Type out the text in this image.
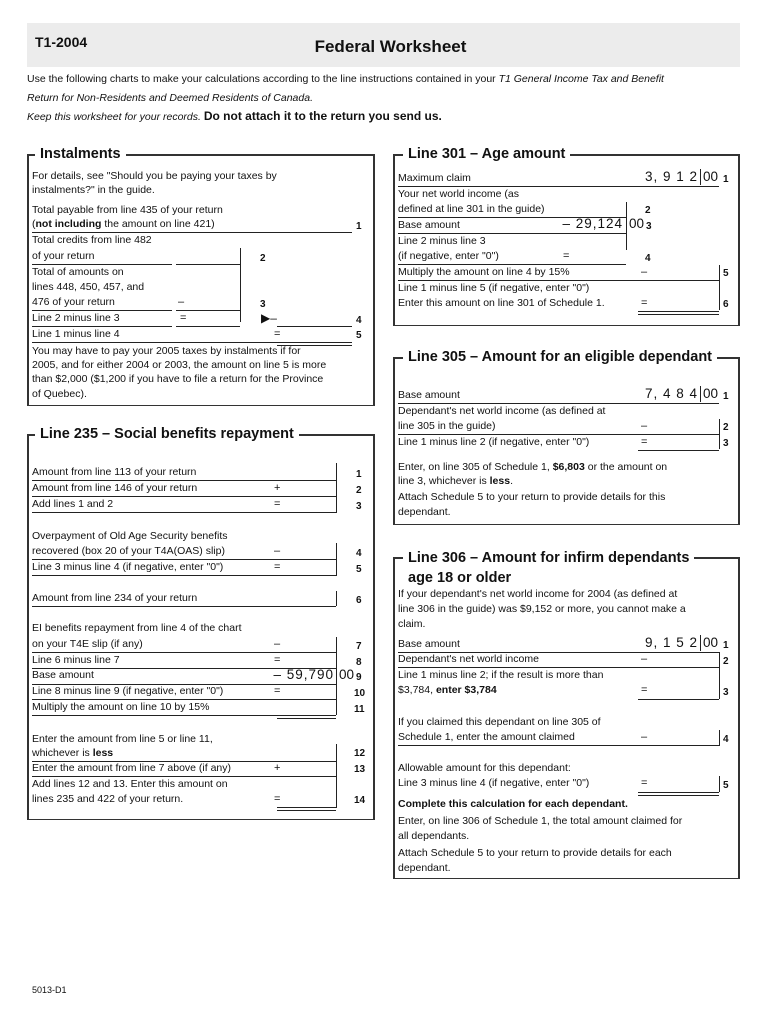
T1-2004	Federal Worksheet
Use the following charts to make your calculations according to the line instructions contained in your T1 General Income Tax and Benefit
Return for Non-Residents and Deemed Residents of Canada.
Keep this worksheet for your records. Do not attach it to the return you send us.
Instalments
For details, see "Should you be paying your taxes by
instalments?" in the guide.
Total payable from line 435 of your return
(not including the amount on line 421)	1
Total credits from line 482
of your return	2
Total of amounts on
lines 448, 450, 457, and
476 of your return	–	3
Line 2 minus line 3	=	▶–	4
Line 1 minus line 4	=	5
You may have to pay your 2005 taxes by instalments if for
2005, and for either 2004 or 2003, the amount on line 5 is more
than $2,000 ($1,200 if you have to file a return for the Province
of Quebec).
Line 235 – Social benefits repayment
Amount from line 113 of your return	1
Amount from line 146 of your return	+	2
Add lines 1 and 2	=	3
Overpayment of Old Age Security benefits
recovered (box 20 of your T4A(OAS) slip)	–	4
Line 3 minus line 4 (if negative, enter "0")	=	5
Amount from line 234 of your return	6
EI benefits repayment from line 4 of the chart
on your T4E slip (if any)	–	7
Line 6 minus line 7	=	8
Base amount	– 59,790 00 9
Line 8 minus line 9 (if negative, enter "0")	=	10
Multiply the amount on line 10 by 15%	11
Enter the amount from line 5 or line 11,
whichever is less	12
Enter the amount from line 7 above (if any)	+	13
Add lines 12 and 13. Enter this amount on
lines 235 and 422 of your return.	=	14
Line 301 – Age amount
Maximum claim	3, 9 1 2 00 1
Your net world income (as
defined at line 301 in the guide)	2
Base amount	– 29,124 00 3
Line 2 minus line 3
(if negative, enter "0")	=	4
Multiply the amount on line 4 by 15%	–	5
Line 1 minus line 5 (if negative, enter "0")
Enter this amount on line 301 of Schedule 1.	=	6
Line 305 – Amount for an eligible dependant
Base amount	7, 4 8 4 00 1
Dependant's net world income (as defined at
line 305 in the guide)	–	2
Line 1 minus line 2 (if negative, enter "0")	=	3
Enter, on line 305 of Schedule 1, $6,803 or the amount on
line 3, whichever is less.
Attach Schedule 5 to your return to provide details for this
dependant.
Line 306 – Amount for infirm dependants
age 18 or older
If your dependant's net world income for 2004 (as defined at
line 306 in the guide) was $9,152 or more, you cannot make a
claim.
Base amount	9, 1 5 2 00 1
Dependant's net world income	–	2
Line 1 minus line 2; if the result is more than
$3,784, enter $3,784	=	3
If you claimed this dependant on line 305 of
Schedule 1, enter the amount claimed	–	4
Allowable amount for this dependant:
Line 3 minus line 4 (if negative, enter "0")	=	5
Complete this calculation for each dependant.
Enter, on line 306 of Schedule 1, the total amount claimed for
all dependants.
Attach Schedule 5 to your return to provide details for each
dependant.
5013-D1
